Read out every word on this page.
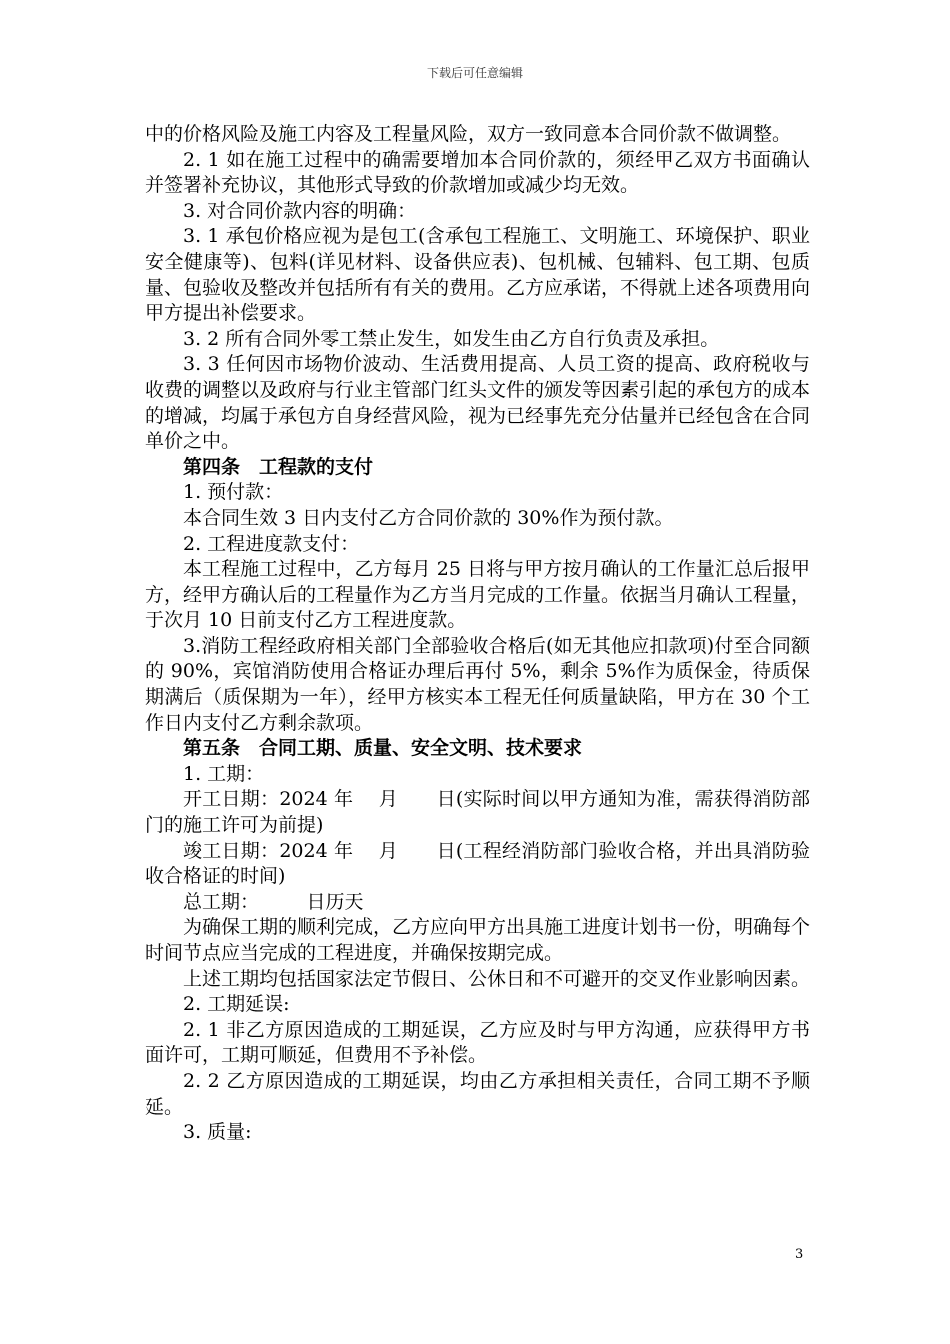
下载后可任意编辑

中的价格风险及施工内容及工程量风险，双方一致同意本合同价款不做调整。

2. 1 如在施工过程中的确需要增加本合同价款的，须经甲乙双方书面确认并签署补充协议，其他形式导致的价款增加或减少均无效。

3. 对合同价款内容的明确：

3. 1 承包价格应视为是包工(含承包工程施工、文明施工、环境保护、职业安全健康等)、包料(详见材料、设备供应表)、包机械、包辅料、包工期、包质量、包验收及整改并包括所有有关的费用。乙方应承诺，不得就上述各项费用向甲方提出补偿要求。

3. 2 所有合同外零工禁止发生，如发生由乙方自行负责及承担。

3. 3 任何因市场物价波动、生活费用提高、人员工资的提高、政府税收与收费的调整以及政府与行业主管部门红头文件的颁发等因素引起的承包方的成本的增减，均属于承包方自身经营风险，视为已经事先充分估量并已经包含在合同单价之中。

第四条　工程款的支付

1. 预付款：

本合同生效 3 日内支付乙方合同价款的 30%作为预付款。

2. 工程进度款支付：

本工程施工过程中，乙方每月 25 日将与甲方按月确认的工作量汇总后报甲方，经甲方确认后的工程量作为乙方当月完成的工作量。依据当月确认工程量，于次月 10 日前支付乙方工程进度款。

3.消防工程经政府相关部门全部验收合格后(如无其他应扣款项)付至合同额的 90%，宾馆消防使用合格证办理后再付 5%，剩余 5%作为质保金，待质保期满后（质保期为一年），经甲方核实本工程无任何质量缺陷，甲方在 30 个工作日内支付乙方剩余款项。

第五条　合同工期、质量、安全文明、技术要求

1. 工期：

开工日期：2024 年　 月　　日(实际时间以甲方通知为准，需获得消防部门的施工许可为前提)

竣工日期：2024 年　 月　　日(工程经消防部门验收合格，并出具消防验收合格证的时间)

总工期：　　　日历天

为确保工期的顺利完成，乙方应向甲方出具施工进度计划书一份，明确每个时间节点应当完成的工程进度，并确保按期完成。

上述工期均包括国家法定节假日、公休日和不可避开的交叉作业影响因素。

2. 工期延误:

2. 1 非乙方原因造成的工期延误，乙方应及时与甲方沟通，应获得甲方书面许可，工期可顺延，但费用不予补偿。

2. 2 乙方原因造成的工期延误，均由乙方承担相关责任，合同工期不予顺延。

3. 质量:

3
